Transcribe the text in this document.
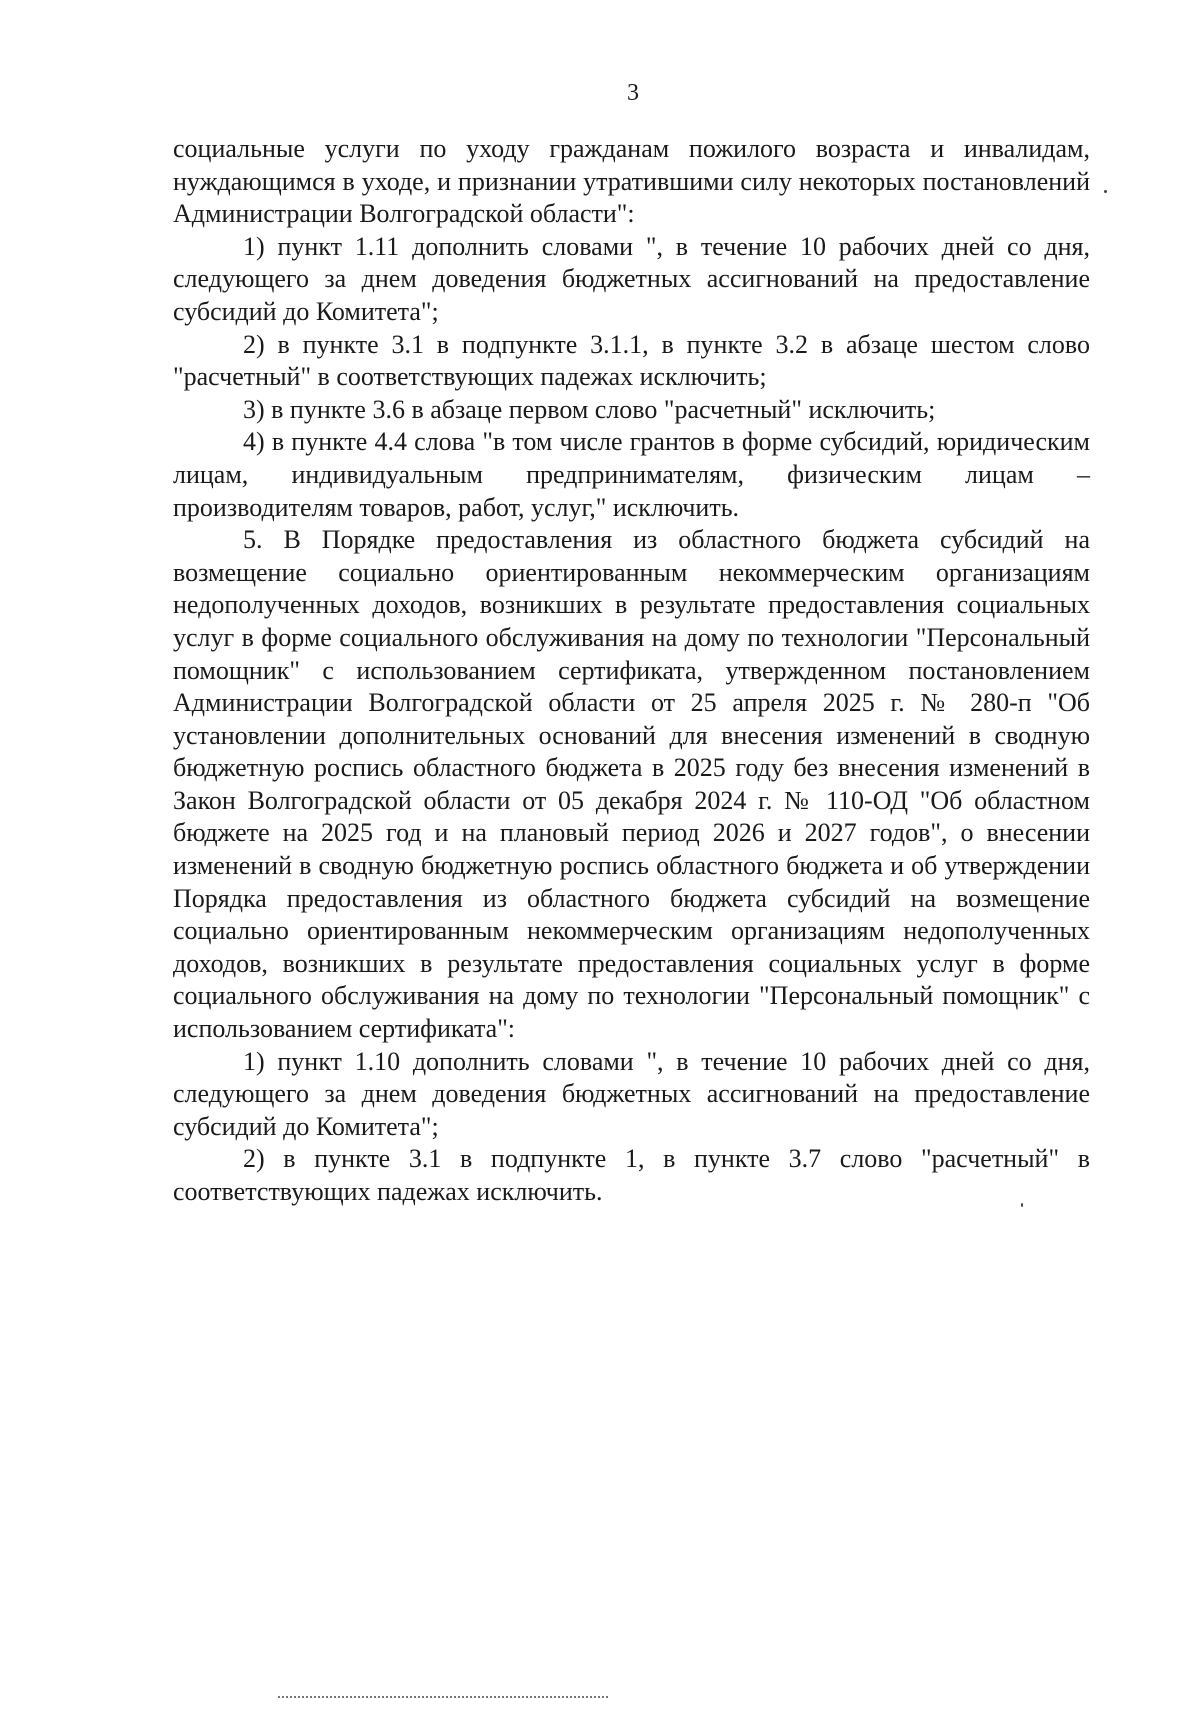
3

социальные услуги по уходу гражданам пожилого возраста и инвалидам, нуждающимся в уходе, и признании утратившими силу некоторых постановлений Администрации Волгоградской области":

1) пункт 1.11 дополнить словами ", в течение 10 рабочих дней со дня, следующего за днем доведения бюджетных ассигнований на предоставление субсидий до Комитета";

2) в пункте 3.1 в подпункте 3.1.1, в пункте 3.2 в абзаце шестом слово "расчетный" в соответствующих падежах исключить;

3) в пункте 3.6 в абзаце первом слово "расчетный" исключить;

4) в пункте 4.4 слова "в том числе грантов в форме субсидий, юридическим лицам, индивидуальным предпринимателям, физическим лицам – производителям товаров, работ, услуг," исключить.

5. В Порядке предоставления из областного бюджета субсидий на возмещение социально ориентированным некоммерческим организациям недополученных доходов, возникших в результате предоставления социальных услуг в форме социального обслуживания на дому по технологии "Персональный помощник" с использованием сертификата, утвержденном постановлением Администрации Волгоградской области от 25 апреля 2025 г. № 280-п "Об установлении дополнительных оснований для внесения изменений в сводную бюджетную роспись областного бюджета в 2025 году без внесения изменений в Закон Волгоградской области от 05 декабря 2024 г. № 110-ОД "Об областном бюджете на 2025 год и на плановый период 2026 и 2027 годов", о внесении изменений в сводную бюджетную роспись областного бюджета и об утверждении Порядка предоставления из областного бюджета субсидий на возмещение социально ориентированным некоммерческим организациям недополученных доходов, возникших в результате предоставления социальных услуг в форме социального обслуживания на дому по технологии "Персональный помощник" с использованием сертификата":

1) пункт 1.10 дополнить словами ", в течение 10 рабочих дней со дня, следующего за днем доведения бюджетных ассигнований на предоставление субсидий до Комитета";

2) в пункте 3.1 в подпункте 1, в пункте 3.7 слово "расчетный" в соответствующих падежах исключить.
